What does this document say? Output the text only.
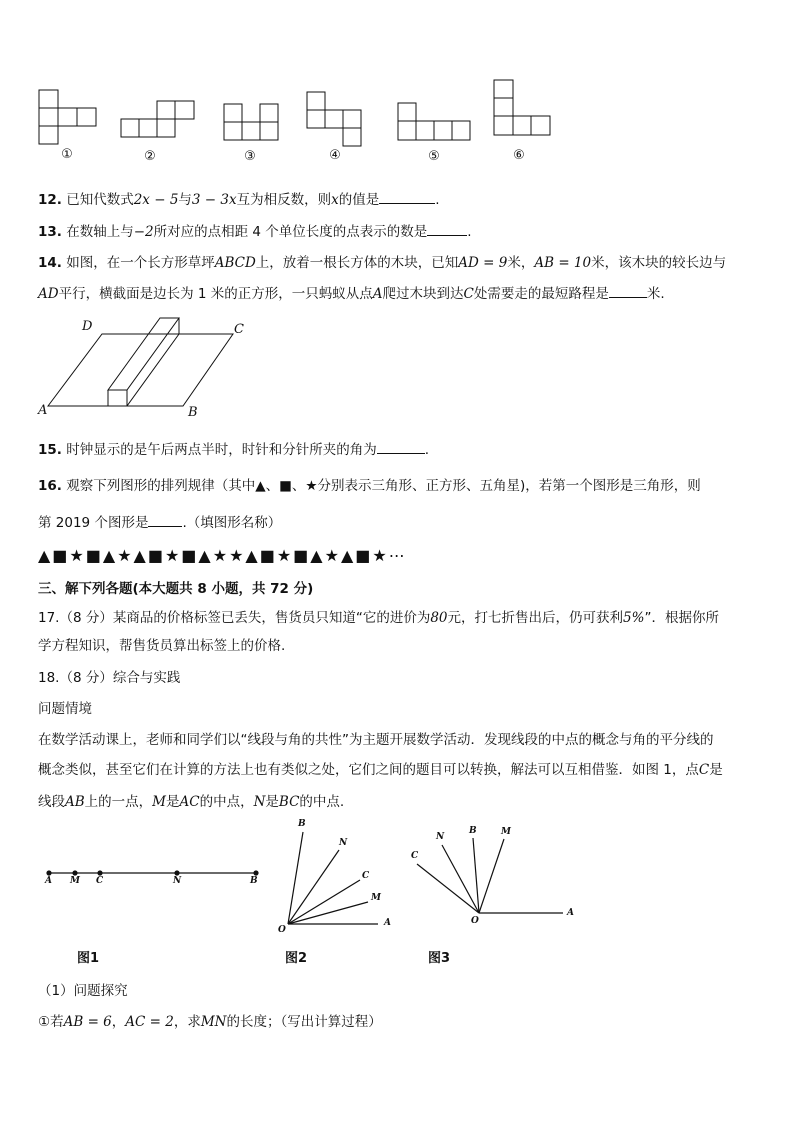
①	②	③	④	⑤	⑥
12. 已知代数式2x − 5与3 − 3x互为相反数，则x的值是	.
13. 在数轴上与−2所对应的点相距 4 个单位长度的点表示的数是	.
14. 如图，在一个长方形草坪ABCD上，放着一根长方体的木块，已知AD = 9米，AB = 10米，该木块的较长边与
AD平行，横截面是边长为 1 米的正方形，一只蚂蚁从点A爬过木块到达C处需要走的最短路程是	米.
D	C
A	B
15. 时钟显示的是午后两点半时，时针和分针所夹的角为	.
16. 观察下列图形的排列规律（其中▲、■、★分别表示三角形、正方形、五角星)，若第一个图形是三角形，则
第 2019 个图形是	.（填图形名称）
▲■★■▲★▲■★■▲★★▲■★■▲★▲■★⋯
三、解下列各题(本大题共 8 小题，共 72 分)
17.（8 分）某商品的价格标签已丢失，售货员只知道“它的进价为80元，打七折售出后，仍可获利5%”．根据你所
学方程知识，帮售货员算出标签上的价格.
18.（8 分）综合与实践
问题情境
在数学活动课上，老师和同学们以“线段与角的共性”为主题开展数学活动．发现线段的中点的概念与角的平分线的
概念类似，甚至它们在计算的方法上也有类似之处，它们之间的题目可以转换，解法可以互相借鉴．如图 1，点C是
线段AB上的一点，M是AC的中点，N是BC的中点.
A M C	N	B
B
N
C
M
O
A
N
B	M
C
O
A
图1	图2	图3
（1）问题探究
①若AB = 6，AC = 2，求MN的长度；（写出计算过程）
